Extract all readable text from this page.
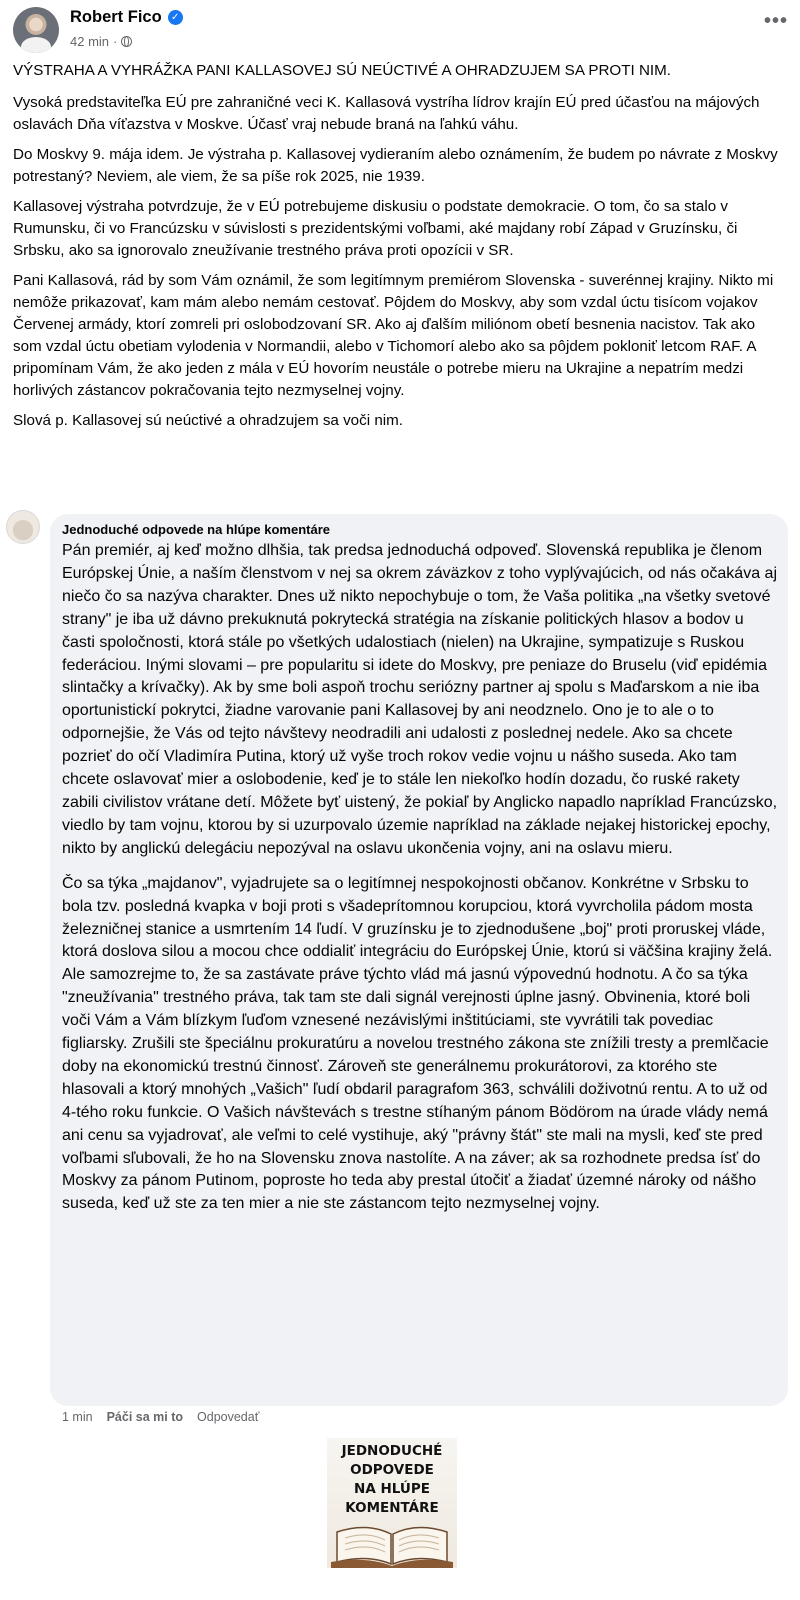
Robert Fico ✓
42 min ·
•••

VÝSTRAHA A VYHRÁŽKA PANI KALLASOVEJ SÚ NEÚCTIVÉ A OHRADZUJEM SA PROTI NIM.

Vysoká predstaviteľka EÚ pre zahraničné veci K. Kallasová vystríha lídrov krajín EÚ pred účasťou na májových oslavách Dňa víťazstva v Moskve. Účasť vraj nebude braná na ľahkú váhu.

Do Moskvy 9. mája idem. Je výstraha p. Kallasovej vydieraním alebo oznámením, že budem po návrate z Moskvy potrestaný? Neviem, ale viem, že sa píše rok 2025, nie 1939.

Kallasovej výstraha potvrdzuje, že v EÚ potrebujeme diskusiu o podstate demokracie. O tom, čo sa stalo v Rumunsku, či vo Francúzsku v súvislosti s prezidentskými voľbami, aké majdany robí Západ v Gruzínsku, či Srbsku, ako sa ignorovalo zneužívanie trestného práva proti opozícii v SR.

Pani Kallasová, rád by som Vám oznámil, že som legitímnym premiérom Slovenska - suverénnej krajiny. Nikto mi nemôže prikazovať, kam mám alebo nemám cestovať. Pôjdem do Moskvy, aby som vzdal úctu tisícom vojakov Červenej armády, ktorí zomreli pri oslobodzovaní SR. Ako aj ďalším miliónom obetí besnenia nacistov. Tak ako som vzdal úctu obetiam vylodenia v Normandii, alebo v Tichomorí alebo ako sa pôjdem pokloniť letcom RAF. A pripomínam Vám, že ako jeden z mála v EÚ hovorím neustále o potrebe mieru na Ukrajine a nepatrím medzi horlivých zástancov pokračovania tejto nezmyselnej vojny.

Slová p. Kallasovej sú neúctivé a ohradzujem sa voči nim.

Jednoduché odpovede na hlúpe komentáre

Pán premiér, aj keď možno dlhšia, tak predsa jednoduchá odpoveď. Slovenská republika je členom Európskej Únie, a naším členstvom v nej sa okrem záväzkov z toho vyplývajúcich, od nás očakáva aj niečo čo sa nazýva charakter. Dnes už nikto nepochybuje o tom, že Vaša politika „na všetky svetové strany" je iba už dávno prekuknutá pokrytecká stratégia na získanie politických hlasov a bodov u časti spoločnosti, ktorá stále po všetkých udalostiach (nielen) na Ukrajine, sympatizuje s Ruskou federáciou. Inými slovami – pre popularitu si idete do Moskvy, pre peniaze do Bruselu (viď epidémia slintačky a krívačky). Ak by sme boli aspoň trochu seriózny partner aj spolu s Maďarskom a nie iba oportunistickí pokrytci, žiadne varovanie pani Kallasovej by ani neodznelo. Ono je to ale o to odpornejšie, že Vás od tejto návštevy neodradili ani udalosti z poslednej nedele. Ako sa chcete pozrieť do očí Vladimíra Putina, ktorý už vyše troch rokov vedie vojnu u nášho suseda. Ako tam chcete oslavovať mier a oslobodenie, keď je to stále len niekoľko hodín dozadu, čo ruské rakety zabili civilistov vrátane detí. Môžete byť uistený, že pokiaľ by Anglicko napadlo napríklad Francúzsko, viedlo by tam vojnu, ktorou by si uzurpovalo územie napríklad na základe nejakej historickej epochy, nikto by anglickú delegáciu nepozýval na oslavu ukončenia vojny, ani na oslavu mieru.

Čo sa týka „majdanov", vyjadrujete sa o legitímnej nespokojnosti občanov. Konkrétne v Srbsku to bola tzv. posledná kvapka v boji proti s všadeprítomnou korupciou, ktorá vyvrcholila pádom mosta železničnej stanice a usmrtením 14 ľudí. V gruzínsku je to zjednodušene „boj" proti proruskej vláde, ktorá doslova silou a mocou chce oddialiť integráciu do Európskej Únie, ktorú si väčšina krajiny želá. Ale samozrejme to, že sa zastávate práve týchto vlád má jasnú výpovednú hodnotu. A čo sa týka "zneužívania" trestného práva, tak tam ste dali signál verejnosti úplne jasný. Obvinenia, ktoré boli voči Vám a Vám blízkym ľuďom vznesené nezávislými inštitúciami, ste vyvrátili tak povediac figliarsky. Zrušili ste špeciálnu prokuratúru a novelou trestného zákona ste znížili tresty a premlčacie doby na ekonomickú trestnú činnosť. Zároveň ste generálnemu prokurátorovi, za ktorého ste hlasovali a ktorý mnohých „Vašich" ľudí obdaril paragrafom 363, schválili doživotnú rentu. A to už od 4-tého roku funkcie. O Vašich návštevách s trestne stíhaným pánom Bödörom na úrade vlády nemá ani cenu sa vyjadrovať, ale veľmi to celé vystihuje, aký "právny štát" ste mali na mysli, keď ste pred voľbami sľubovali, že ho na Slovensku znova nastolíte. A na záver; ak sa rozhodnete predsa ísť do Moskvy za pánom Putinom, poproste ho teda aby prestal útočiť a žiadať územné nároky od nášho suseda, keď už ste za ten mier a nie ste zástancom tejto nezmyselnej vojny.

1 min Páči sa mi to Odpovedať
JEDNODUCHÉ
ODPOVEDE
NA HLÚPE
KOMENTÁRE
